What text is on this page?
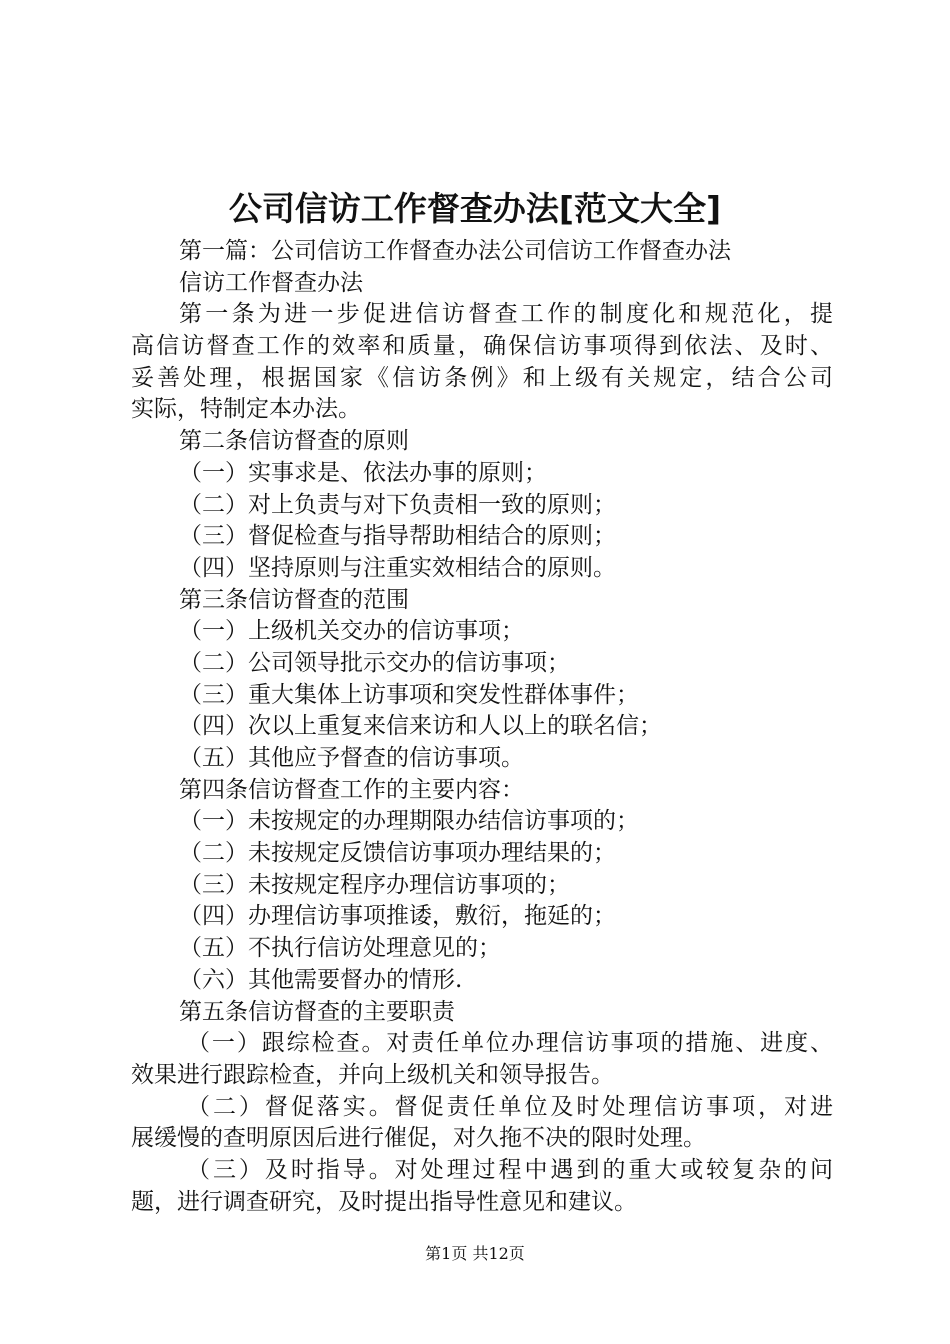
公司信访工作督查办法[范文大全]
第一篇：公司信访工作督查办法公司信访工作督查办法
信访工作督查办法
第一条为进一步促进信访督查工作的制度化和规范化，提
高信访督查工作的效率和质量，确保信访事项得到依法、及时、
妥善处理，根据国家《信访条例》和上级有关规定，结合公司
实际，特制定本办法。
第二条信访督查的原则
（一）实事求是、依法办事的原则；
（二）对上负责与对下负责相一致的原则；
（三）督促检查与指导帮助相结合的原则；
（四）坚持原则与注重实效相结合的原则。
第三条信访督查的范围
（一）上级机关交办的信访事项；
（二）公司领导批示交办的信访事项；
（三）重大集体上访事项和突发性群体事件；
（四）次以上重复来信来访和人以上的联名信；
（五）其他应予督查的信访事项。
第四条信访督查工作的主要内容：
（一）未按规定的办理期限办结信访事项的；
（二）未按规定反馈信访事项办理结果的；
（三）未按规定程序办理信访事项的；
（四）办理信访事项推诿，敷衍，拖延的；
（五）不执行信访处理意见的；
（六）其他需要督办的情形.
第五条信访督查的主要职责
（一）跟综检查。对责任单位办理信访事项的措施、进度、
效果进行跟踪检查，并向上级机关和领导报告。
（二）督促落实。督促责任单位及时处理信访事项，对进
展缓慢的查明原因后进行催促，对久拖不决的限时处理。
（三）及时指导。对处理过程中遇到的重大或较复杂的问
题，进行调查研究，及时提出指导性意见和建议。
第1页 共12页
